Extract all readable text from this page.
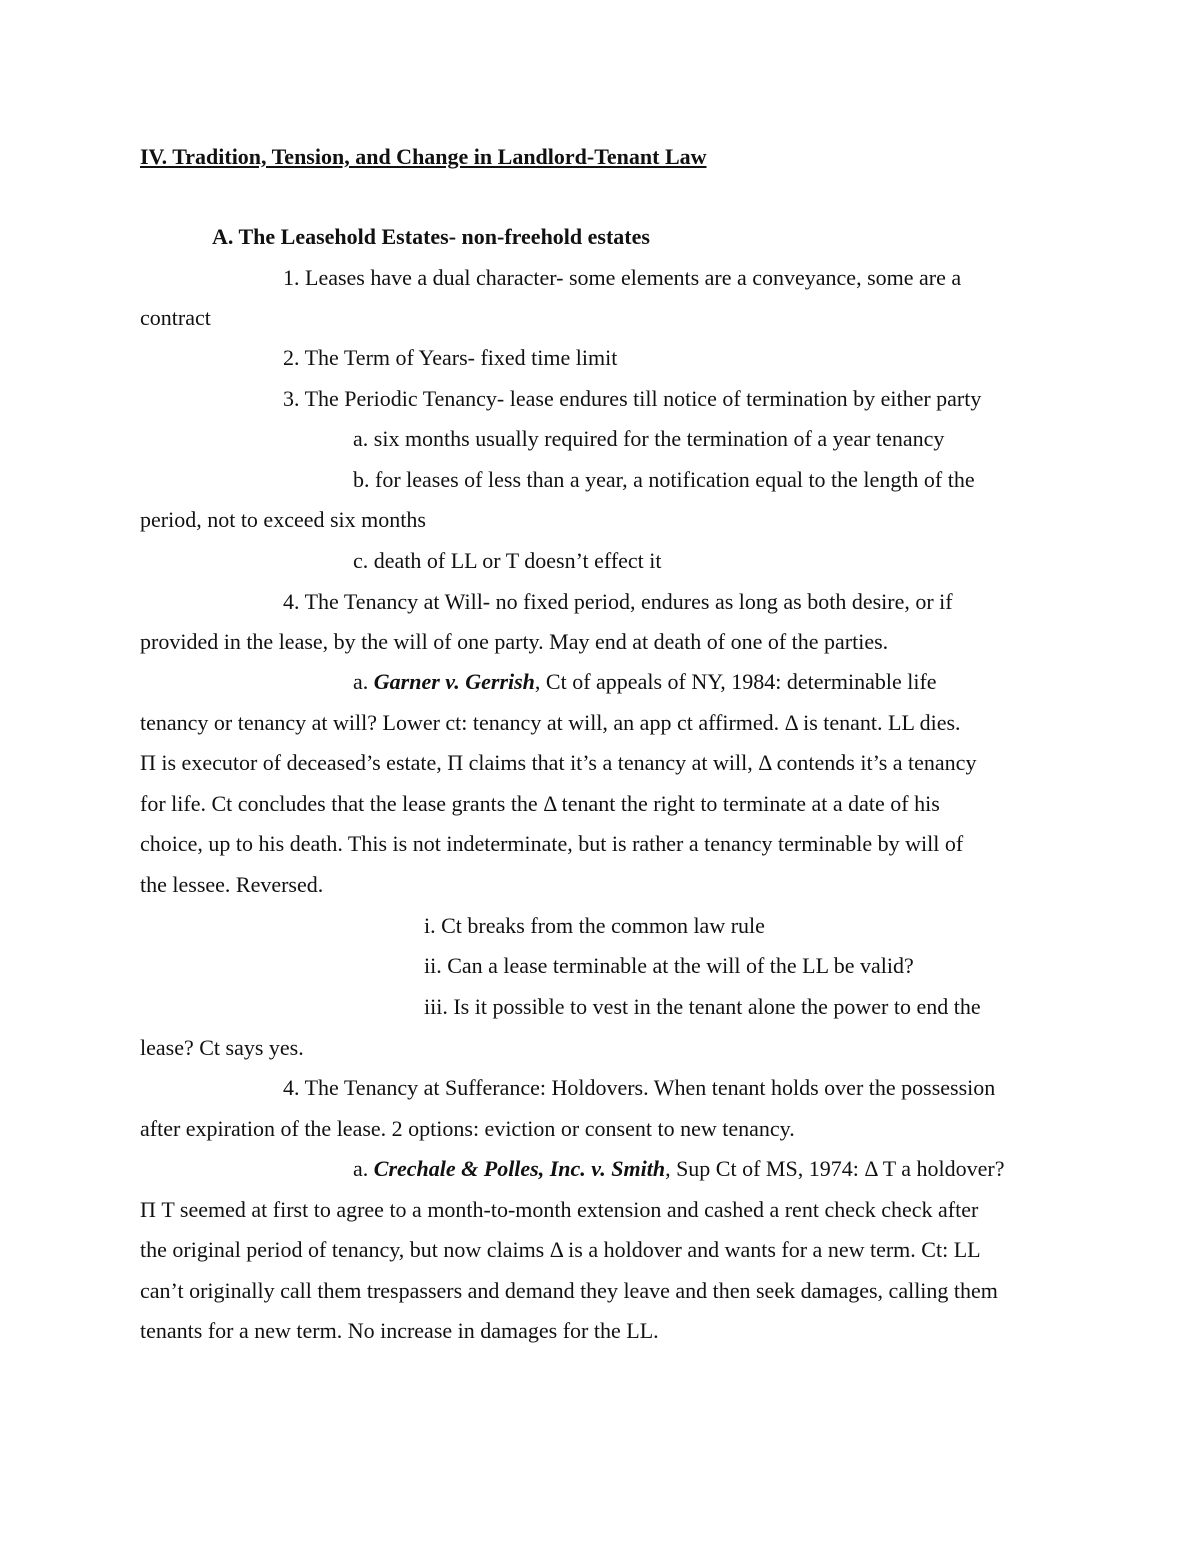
IV. Tradition, Tension, and Change in Landlord-Tenant Law
A. The Leasehold Estates- non-freehold estates
1. Leases have a dual character- some elements are a conveyance, some are a
contract
2. The Term of Years- fixed time limit
3. The Periodic Tenancy- lease endures till notice of termination by either party
a. six months usually required for the termination of a year tenancy
b. for leases of less than a year, a notification equal to the length of the
period, not to exceed six months
c. death of LL or T doesn’t effect it
4. The Tenancy at Will- no fixed period, endures as long as both desire, or if
provided in the lease, by the will of one party. May end at death of one of the parties.
a. Garner v. Gerrish, Ct of appeals of NY, 1984: determinable life
tenancy or tenancy at will? Lower ct: tenancy at will, an app ct affirmed. Δ is tenant. LL dies.
Π is executor of deceased’s estate, Π claims that it’s a tenancy at will, Δ contends it’s a tenancy
for life. Ct concludes that the lease grants the Δ tenant the right to terminate at a date of his
choice, up to his death. This is not indeterminate, but is rather a tenancy terminable by will of
the lessee. Reversed.
i. Ct breaks from the common law rule
ii. Can a lease terminable at the will of the LL be valid?
iii. Is it possible to vest in the tenant alone the power to end the
lease? Ct says yes.
4. The Tenancy at Sufferance: Holdovers. When tenant holds over the possession
after expiration of the lease. 2 options: eviction or consent to new tenancy.
a. Crechale & Polles, Inc. v. Smith, Sup Ct of MS, 1974: Δ T a holdover?
Π T seemed at first to agree to a month-to-month extension and cashed a rent check check after
the original period of tenancy, but now claims Δ is a holdover and wants for a new term. Ct: LL
can’t originally call them trespassers and demand they leave and then seek damages, calling them
tenants for a new term. No increase in damages for the LL.
